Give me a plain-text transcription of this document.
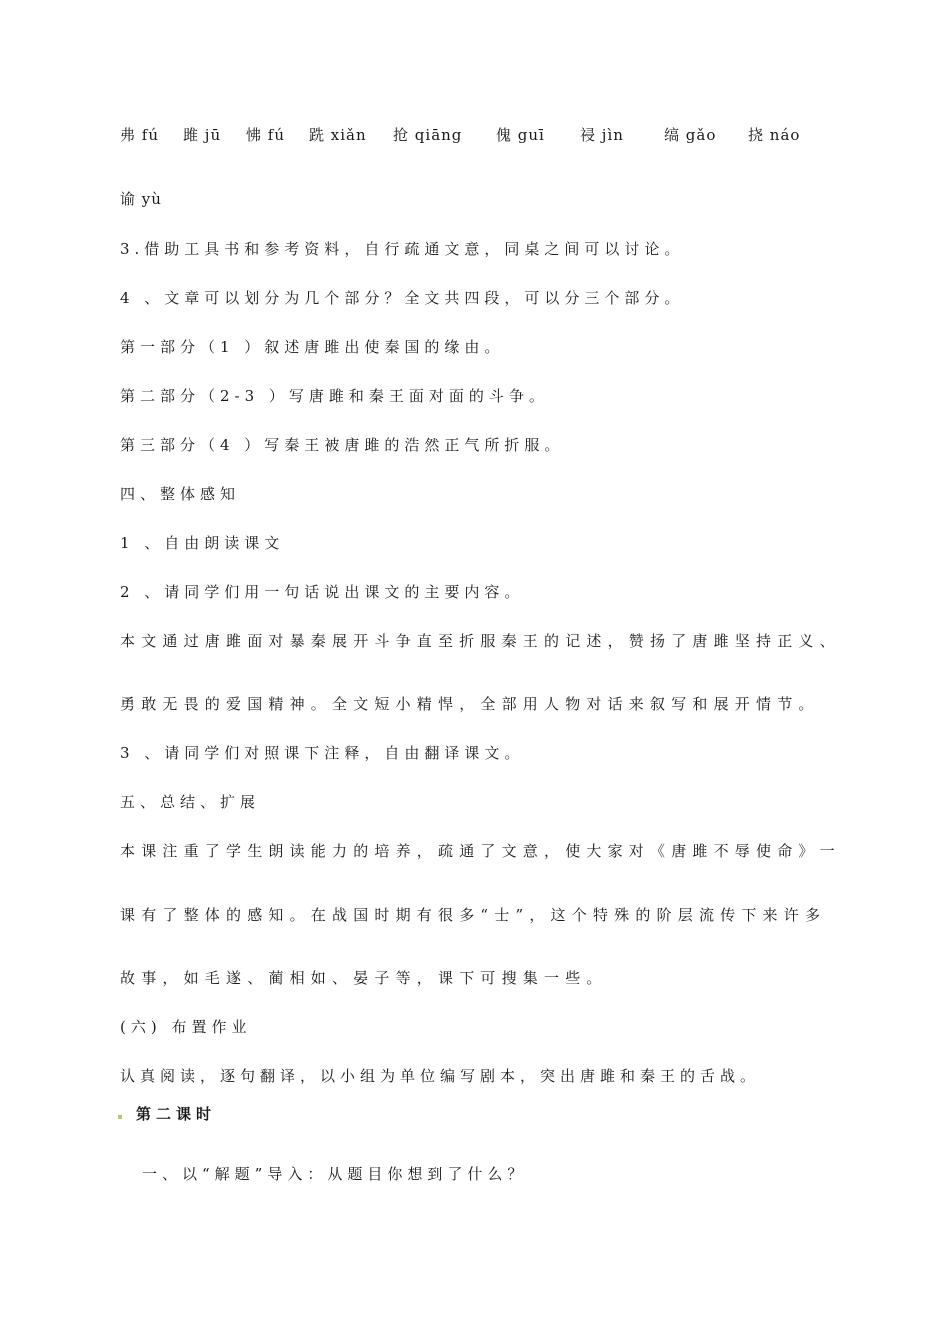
弗 fú 雎 jū 怫 fú 跣 xiǎn 抢 qiāng 傀 guī 祲 jìn	缟 gǎo 挠 náo
谕 yù
3.借助工具书和参考资料，自行疏通文意，同桌之间可以讨论。
4 、文章可以划分为几个部分？全文共四段，可以分三个部分。
第一部分（1 ）叙述唐雎出使秦国的缘由。
第二部分（2-3 ）写唐雎和秦王面对面的斗争。
第三部分（4 ）写秦王被唐雎的浩然正气所折服。
四、整体感知
1 、自由朗读课文
2 、请同学们用一句话说出课文的主要内容。
本文通过唐雎面对暴秦展开斗争直至折服秦王的记述，赞扬了唐雎坚持正义、
勇敢无畏的爱国精神。全文短小精悍，全部用人物对话来叙写和展开情节。
3 、请同学们对照课下注释，自由翻译课文。
五、总结、扩展
本课注重了学生朗读能力的培养，疏通了文意，使大家对《唐雎不辱使命》一
课有了整体的感知。在战国时期有很多“士”，这个特殊的阶层流传下来许多
故事，如毛遂、蔺相如、晏子等，课下可搜集一些。
(六) 布置作业
认真阅读，逐句翻译，以小组为单位编写剧本，突出唐雎和秦王的舌战。
第二课时
一、以“解题”导入：从题目你想到了什么？
